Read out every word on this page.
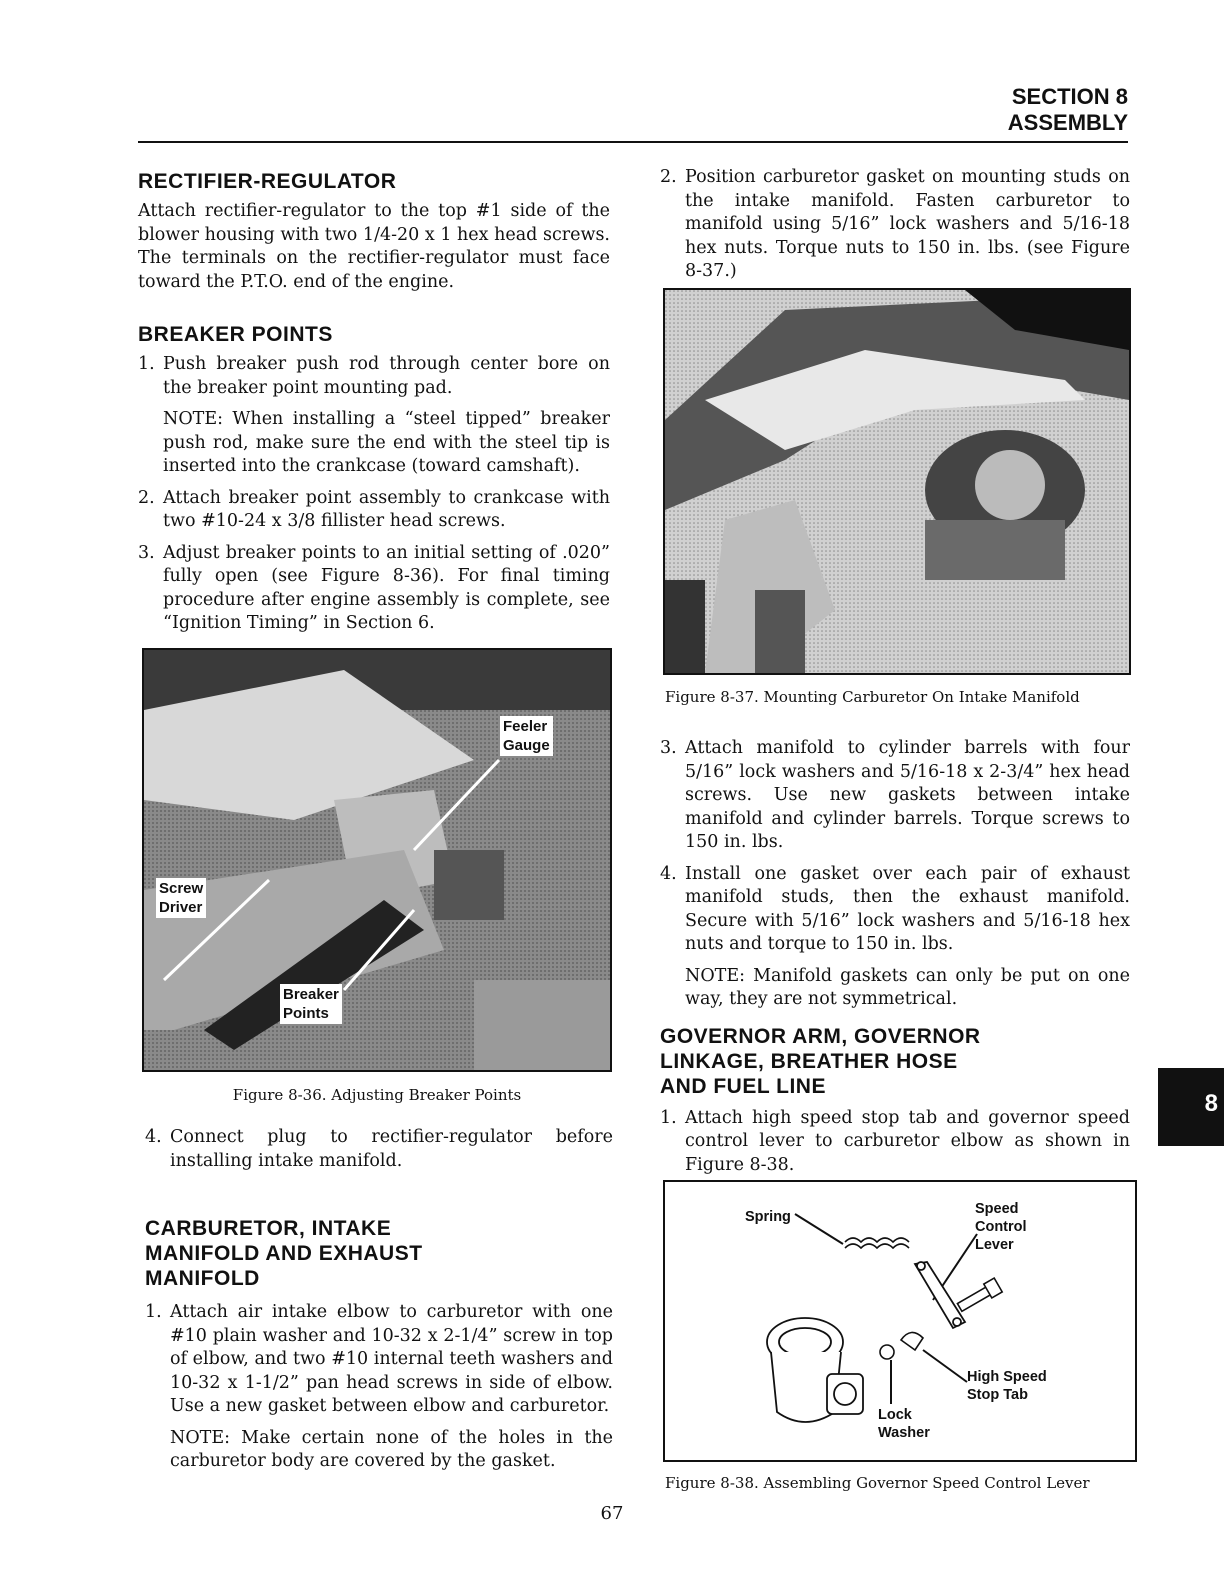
SECTION 8
ASSEMBLY
RECTIFIER-REGULATOR

Attach rectifier-regulator to the top #1 side of the blower housing with two 1/4-20 x 1 hex head screws. The terminals on the rectifier-regulator must face toward the P.T.O. end of the engine.

BREAKER POINTS
1. Push breaker push rod through center bore on the breaker point mounting pad.
NOTE: When installing a “steel tipped” breaker push rod, make sure the end with the steel tip is inserted into the crankcase (toward camshaft).
2. Attach breaker point assembly to crankcase with two #10-24 x 3/8 fillister head screws.
3. Adjust breaker points to an initial setting of .020” fully open (see Figure 8-36). For final timing procedure after engine assembly is complete, see “Ignition Timing” in Section 6.
Feeler
Gauge
Screw
Driver
Breaker
Points
Figure 8-36. Adjusting Breaker Points
4. Connect plug to rectifier-regulator before installing intake manifold.
CARBURETOR, INTAKE
MANIFOLD AND EXHAUST
MANIFOLD
1. Attach air intake elbow to carburetor with one #10 plain washer and 10-32 x 2-1/4” screw in top of elbow, and two #10 internal teeth washers and 10-32 x 1-1/2” pan head screws in side of elbow. Use a new gasket between elbow and carburetor.
NOTE: Make certain none of the holes in the carburetor body are covered by the gasket.
2. Position carburetor gasket on mounting studs on the intake manifold. Fasten carburetor to manifold using 5/16” lock washers and 5/16-18 hex nuts. Torque nuts to 150 in. lbs. (see Figure 8-37.)
Figure 8-37. Mounting Carburetor On Intake Manifold
3. Attach manifold to cylinder barrels with four 5/16” lock washers and 5/16-18 x 2-3/4” hex head screws. Use new gaskets between intake manifold and cylinder barrels. Torque screws to 150 in. lbs.
4. Install one gasket over each pair of exhaust manifold studs, then the exhaust manifold. Secure with 5/16” lock washers and 5/16-18 hex nuts and torque to 150 in. lbs.
NOTE: Manifold gaskets can only be put on one way, they are not symmetrical.
GOVERNOR ARM, GOVERNOR
LINKAGE, BREATHER HOSE
AND FUEL LINE
1. Attach high speed stop tab and governor speed control lever to carburetor elbow as shown in Figure 8-38.
Spring	Speed
Control
Lever
High Speed
Stop Tab
Lock
Washer
Figure 8-38. Assembling Governor Speed Control Lever
8
67
